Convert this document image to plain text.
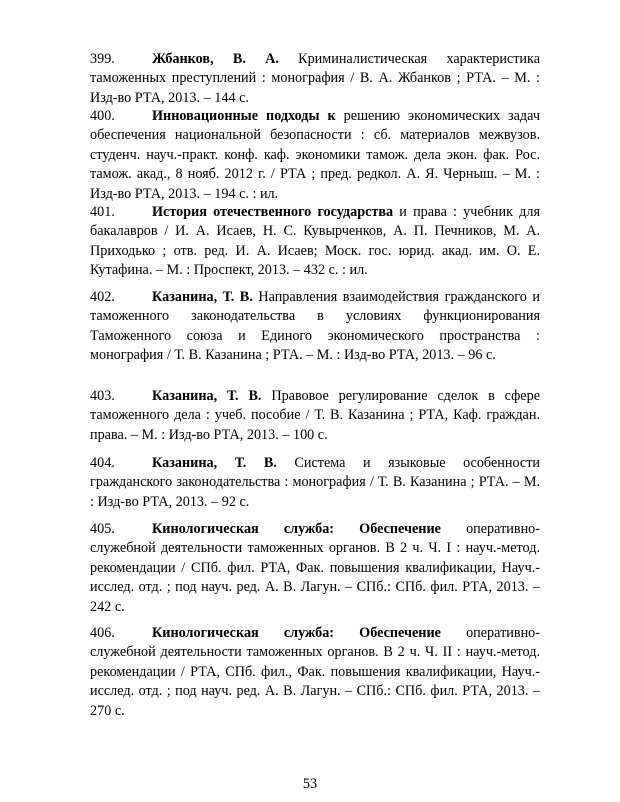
399.	Жбанков, В. А. Криминалистическая характеристика таможенных преступлений : монография / В. А. Жбанков ; РТА. – М. : Изд-во РТА, 2013. – 144 с.
400.	Инновационные подходы к решению экономических задач обеспечения национальной безопасности : сб. материалов межвузов. студенч. науч.-практ. конф. каф. экономики тамож. дела экон. фак. Рос. тамож. акад., 8 нояб. 2012 г. / РТА ; пред. редкол. А. Я. Черныш. – М. : Изд-во РТА, 2013. – 194 с. : ил.
401.	История отечественного государства и права : учебник для бакалавров / И. А. Исаев, Н. С. Кувырченков, А. П. Печников, М. А. Приходько ; отв. ред. И. А. Исаев; Моск. гос. юрид. акад. им. О. Е. Кутафина. – М. : Проспект, 2013. – 432 с. : ил.
402.	Казанина, Т. В. Направления взаимодействия гражданского и таможенного законодательства в условиях функционирования Таможенного союза и Единого экономического пространства : монография / Т. В. Казанина ; РТА. – М. : Изд-во РТА, 2013. – 96 с.
403.	Казанина, Т. В. Правовое регулирование сделок в сфере таможенного дела : учеб. пособие / Т. В. Казанина ; РТА, Каф. граждан. права. – М. : Изд-во РТА, 2013. – 100 с.
404.	Казанина, Т. В. Система и языковые особенности гражданского законодательства : монография / Т. В. Казанина ; РТА. – М. : Изд-во РТА, 2013. – 92 с.
405.	Кинологическая служба: Обеспечение оперативно-служебной деятельности таможенных органов. В 2 ч. Ч. I : науч.-метод. рекомендации / СПб. фил. РТА, Фак. повышения квалификации, Науч.-исслед. отд. ; под науч. ред. А. В. Лагун. – СПб.: СПб. фил. РТА, 2013. – 242 с.
406.	Кинологическая служба: Обеспечение оперативно-служебной деятельности таможенных органов. В 2 ч. Ч. II : науч.-метод. рекомендации / РТА, СПб. фил., Фак. повышения квалификации, Науч.-исслед. отд. ; под науч. ред. А. В. Лагун. – СПб.: СПб. фил. РТА, 2013. – 270 с.
53
